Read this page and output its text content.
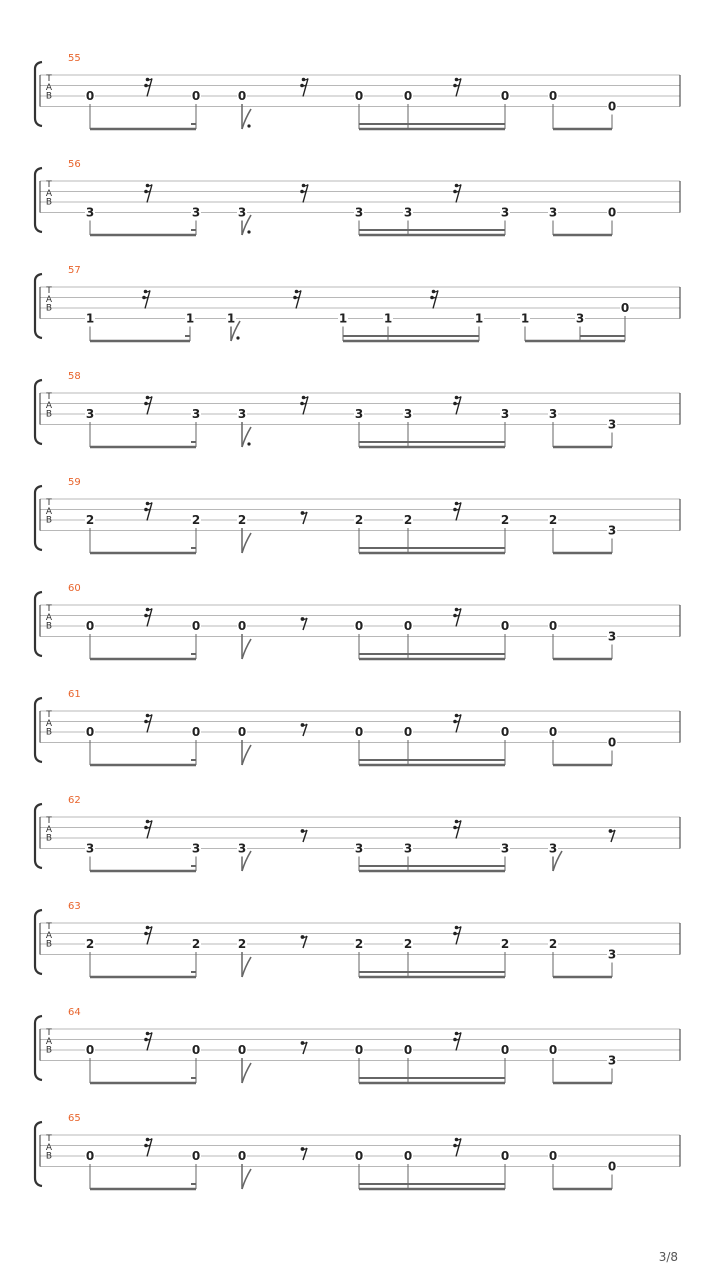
T
A
B
55
0	0	0	0	0	0	0
0
T
A
B
56
3	3	3	3	3	3	3	0
T
A
B
57
1	1	1	1	1	1	1	3
0
T
A
B
58
3	3	3	3	3	3	3
3
T
A
B
59
2	2	2	2	2	2	2
3
T
A
B
60
0	0	0	0	0	0	0
3
T
A
B
61
0	0	0	0	0	0	0
0
T
A
B
62
3	3	3	3	3	3	3
T
A
B
63
2	2	2	2	2	2	2
3
T
A
B
64
0	0	0	0	0	0	0
3
T
A
B
65
0	0	0	0	0	0	0
0
3/8
